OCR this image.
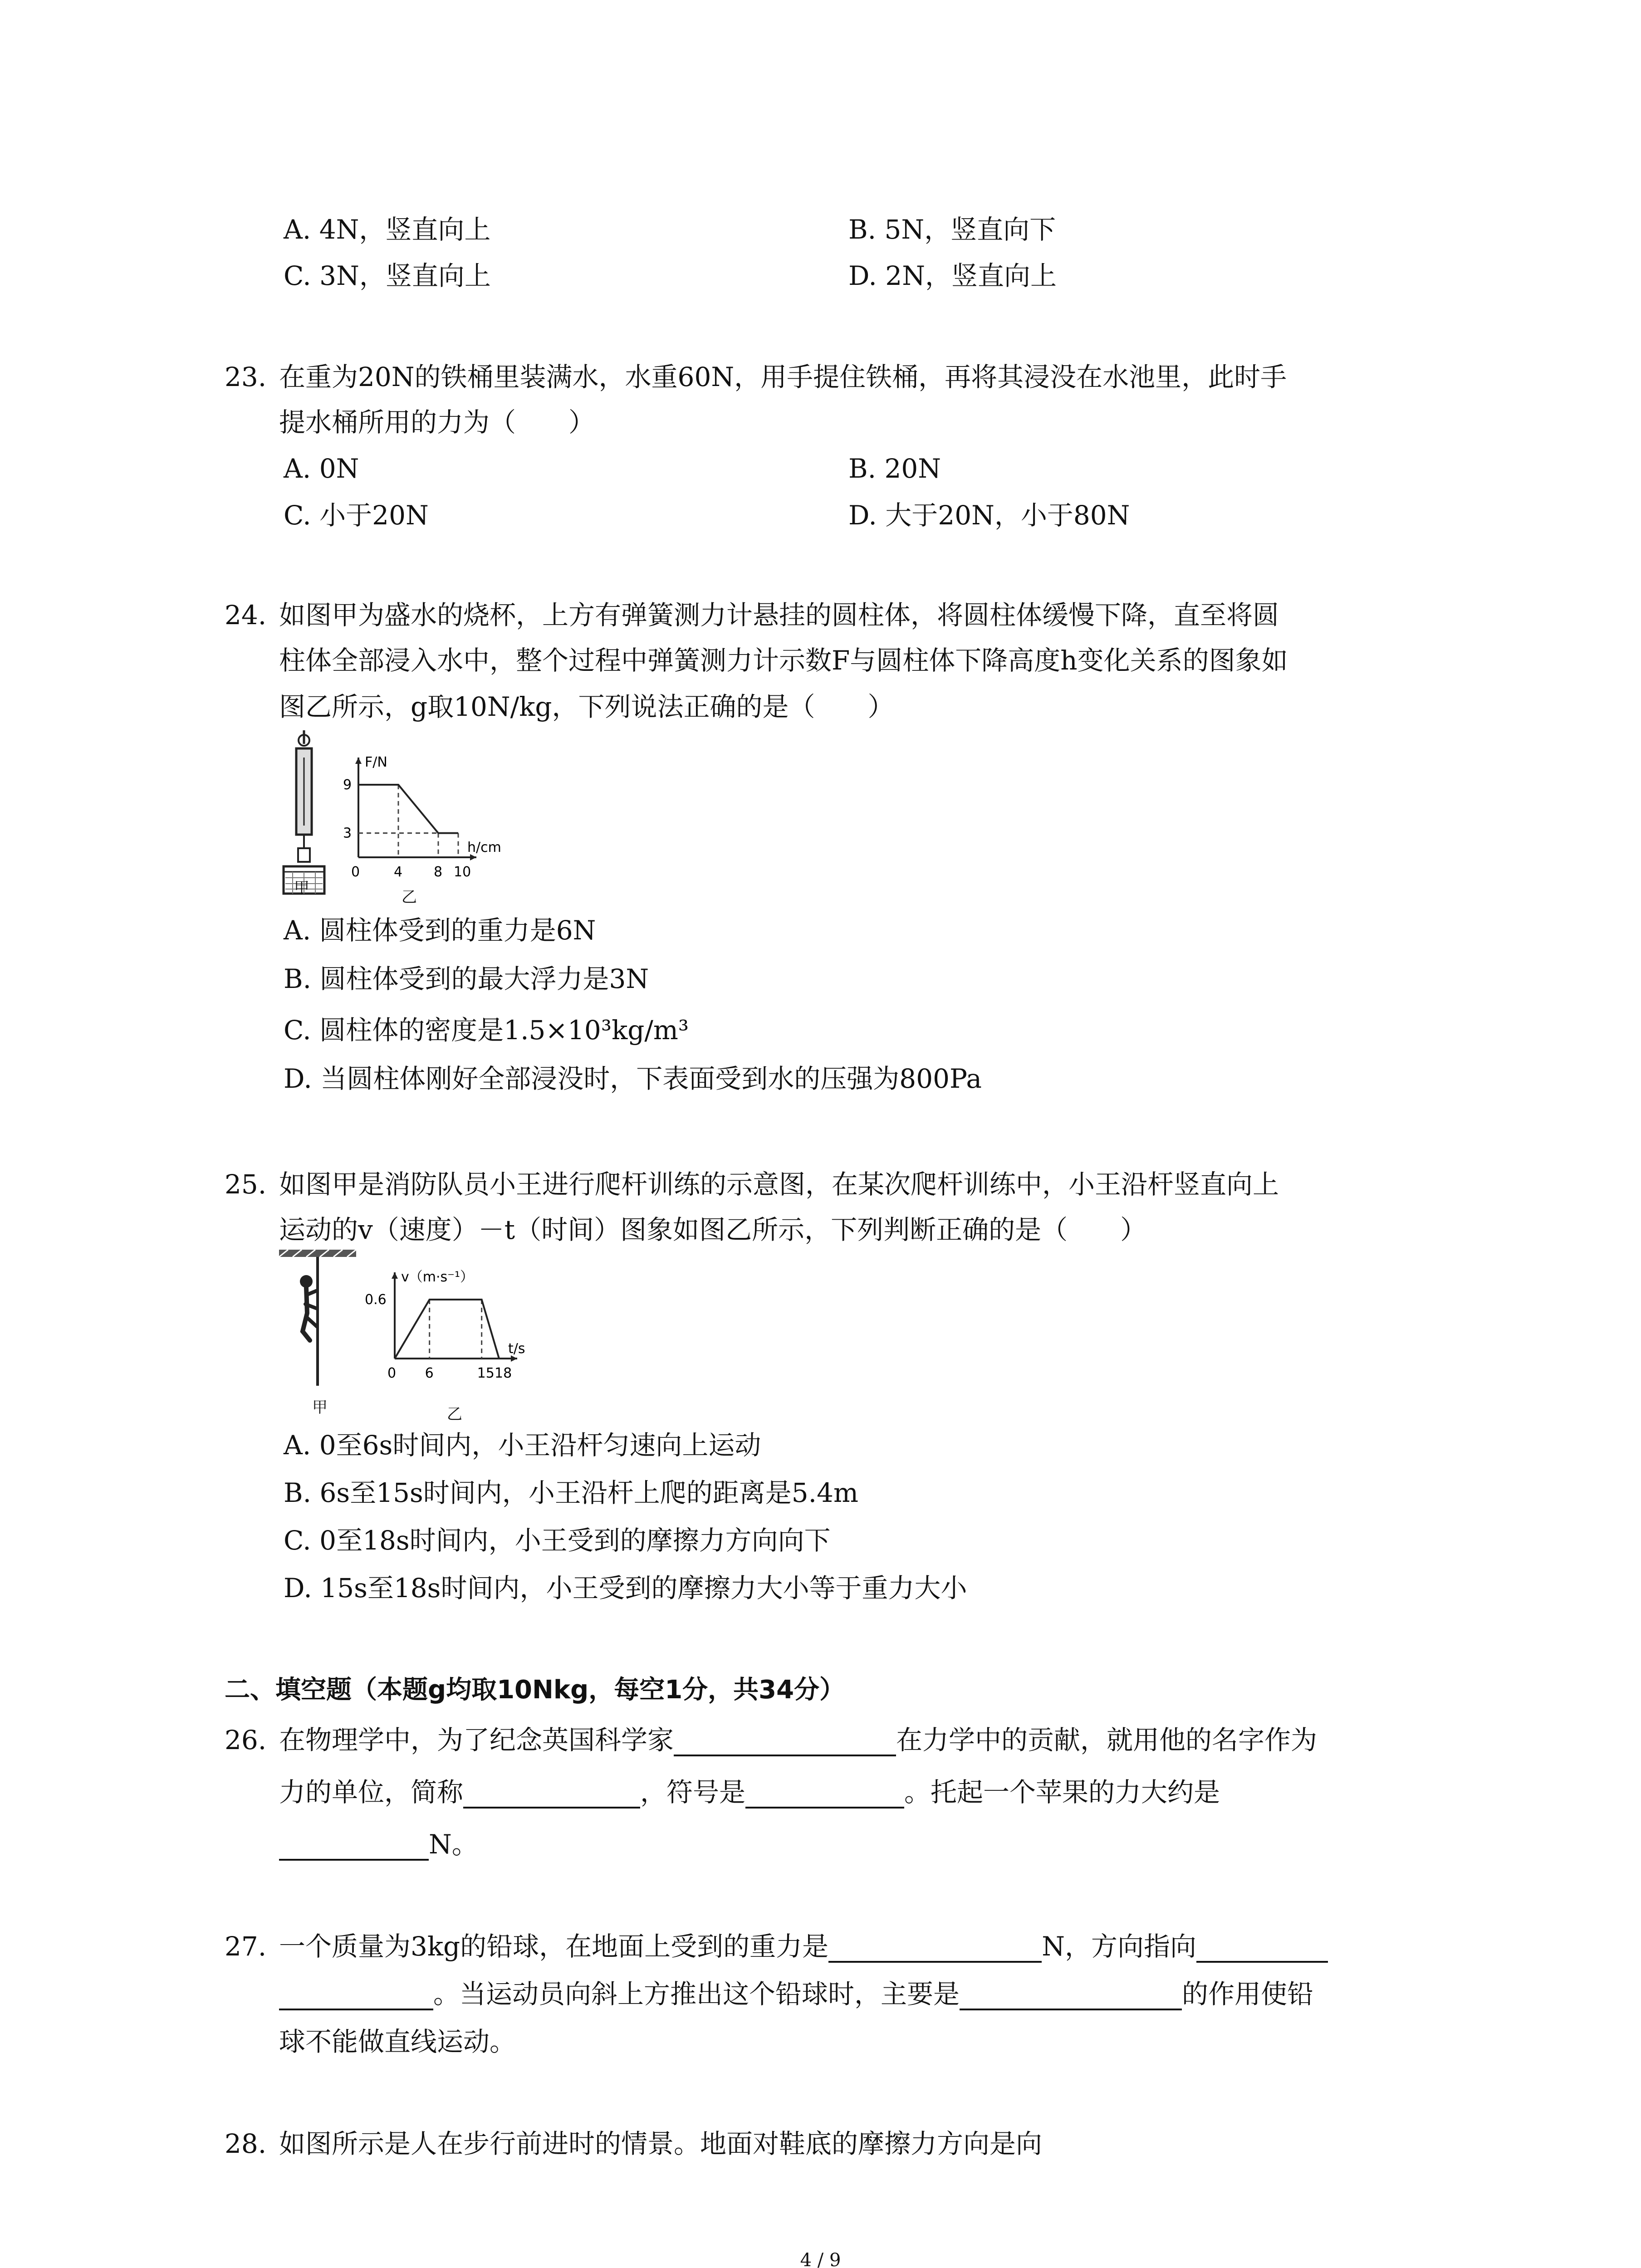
A. 4N，竖直向上	B. 5N，竖直向下
C. 3N，竖直向上	D. 2N，竖直向上
23. 在重为20N的铁桶里装满水，水重60N，用手提住铁桶，再将其浸没在水池里，此时手
提水桶所用的力为（　　）
A. 0N	B. 20N
C. 小于20N	D. 大于20N，小于80N
24. 如图甲为盛水的烧杯，上方有弹簧测力计悬挂的圆柱体，将圆柱体缓慢下降，直至将圆
柱体全部浸入水中，整个过程中弹簧测力计示数F与圆柱体下降高度h变化关系的图象如
图乙所示，g取10N/kg，下列说法正确的是（　　）
甲
F/N
h/cm
0 4 8 10
3
9
乙
A. 圆柱体受到的重力是6N
B. 圆柱体受到的最大浮力是3N
C. 圆柱体的密度是1.5×10³kg/m³
D. 当圆柱体刚好全部浸没时，下表面受到水的压强为800Pa
25. 如图甲是消防队员小王进行爬杆训练的示意图，在某次爬杆训练中，小王沿杆竖直向上
运动的v（速度）－t（时间）图象如图乙所示，下列判断正确的是（　　）
甲
v（m·s⁻¹）
t/s
0 6	15 18
0.6
乙
A. 0至6s时间内，小王沿杆匀速向上运动
B. 6s至15s时间内，小王沿杆上爬的距离是5.4m
C. 0至18s时间内，小王受到的摩擦力方向向下
D. 15s至18s时间内，小王受到的摩擦力大小等于重力大小
二、填空题（本题g均取10Nkg，每空1分，共34分）
26. 在物理学中，为了纪念英国科学家	在力学中的贡献，就用他的名字作为
力的单位，简称	，符号是	。托起一个苹果的力大约是
N。
27. 一个质量为3kg的铅球，在地面上受到的重力是	N，方向指向
。当运动员向斜上方推出这个铅球时，主要是	的作用使铅
球不能做直线运动。
28. 如图所示是人在步行前进时的情景。地面对鞋底的摩擦力方向是向
4 / 9
